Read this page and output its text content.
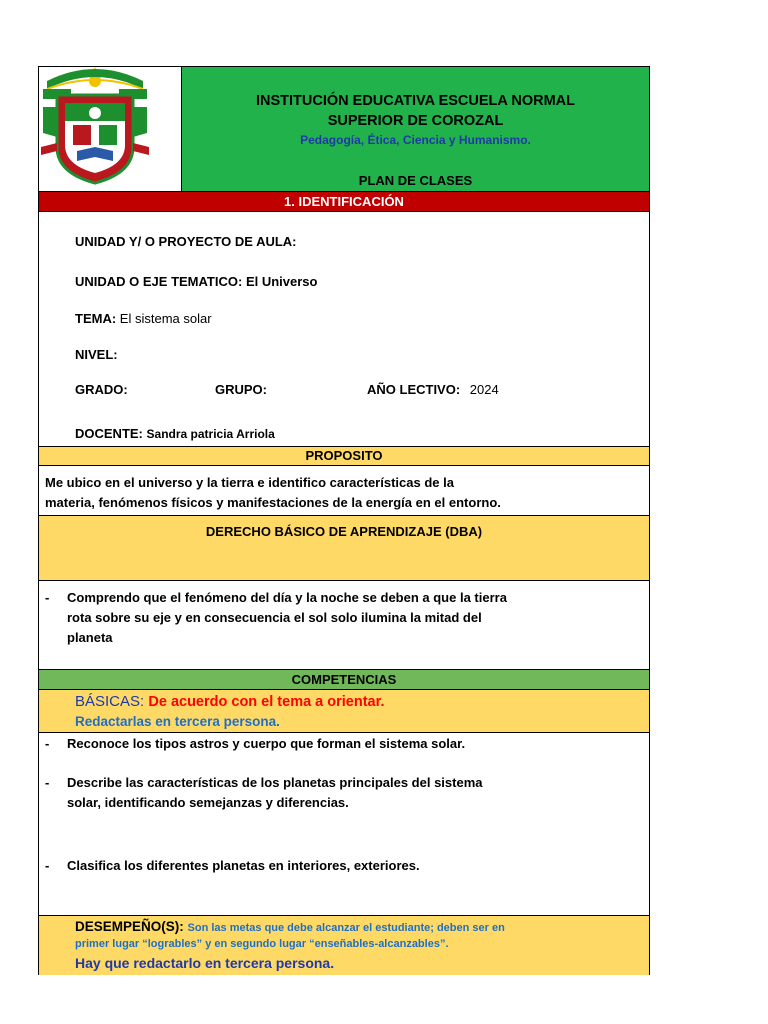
INSTITUCIÓN EDUCATIVA ESCUELA NORMAL
SUPERIOR DE COROZAL
Pedagogía, Ética, Ciencia y Humanismo.
PLAN DE CLASES
1. IDENTIFICACIÓN
UNIDAD Y/ O PROYECTO DE AULA:
UNIDAD O EJE TEMATICO: El Universo
TEMA: El sistema solar
NIVEL:
GRADO:	GRUPO:	AÑO LECTIVO: 2024
DOCENTE: Sandra patricia Arriola
PROPOSITO
Me ubico en el universo y la tierra e identifico características de la
materia, fenómenos físicos y manifestaciones de la energía en el entorno.
DERECHO BÁSICO DE APRENDIZAJE (DBA)
- Comprendo que el fenómeno del día y la noche se deben a que la tierra
rota sobre su eje y en consecuencia el sol solo ilumina la mitad del
planeta
COMPETENCIAS
BÁSICAS: De acuerdo con el tema a orientar.
Redactarlas en tercera persona.
- Reconoce los tipos astros y cuerpo que forman el sistema solar.
- Describe las características de los planetas principales del sistema
solar, identificando semejanzas y diferencias.
- Clasifica los diferentes planetas en interiores, exteriores.
DESEMPEÑO(S): Son las metas que debe alcanzar el estudiante; deben ser en
primer lugar “logrables” y en segundo lugar “enseñables-alcanzables”.
Hay que redactarlo en tercera persona.
